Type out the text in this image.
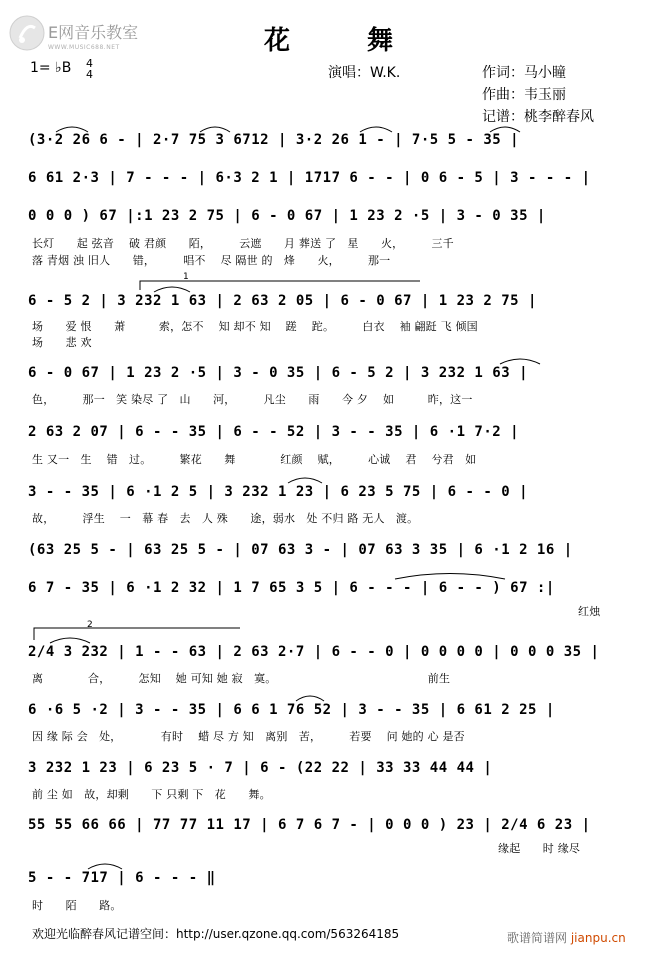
E网音乐教室
WWW.MUSIC688.NET	花 舞
1= ♭B 4
4	演唱：W.K.	作词：马小瞳
作曲：韦玉丽
记谱：桃李醉春风
(3·2 26 6 - | 2·7 75 3 6712 | 3·2 26 1 - | 7·5 5 - 35 |
6 61 2·3 | 7 - - - | 6·3 2 1 | 1717 6 - - | 0 6 - 5 | 3 - - - |
0 0 0 ) 67 |:1 23 2 75 | 6 - 0 67 | 1 23 2 ·5 | 3 - 0 35 |
长灯　　起 弦音　 破 君颜　　陌，　　　云遮　　月 葬送 了　星　　火，　　　三千
落 青烟 浊 旧人　　错，　　　唱不　 尽 隔世 的　烽　　火，　　　那一
6 - 5 2 | 3 232 1 63 | 2 63 2 05 | 6 - 0 67 | 1 23 2 75 |
场　　爱 恨　　萧　　　索，怎不　 知 却不 知　 蹉　 跎。　　　白衣　 袖 翩跹 飞 倾国
场　　悲 欢
6 - 0 67 | 1 23 2 ·5 | 3 - 0 35 | 6 - 5 2 | 3 232 1 63 |
色，　　　那一　笑 染尽 了　山　　河，　　　凡尘　　雨　　今 夕　 如　　　昨，这一
2 63 2 07 | 6 - - 35 | 6 - - 52 | 3 - - 35 | 6 ·1 7·2 |
生 又一　生　 错　过。　　　繁花　　舞　　　　红颜　 赋，　　　心诚　 君　 兮君　如
3 - - 35 | 6 ·1 2 5 | 3 232 1 23 | 6 23 5 75 | 6 - - 0 |
故，　　　浮生　 一　幕 春　去　人 殊　　途，弱水　处 不归 路 无人　渡。
(63 25 5 - | 63 25 5 - | 07 63 3 - | 07 63 3 35 | 6 ·1 2 16 |
6 7 - 35 | 6 ·1 2 32 | 1 7 65 3 5 | 6 - - - | 6 - - ) 67 :|
红烛
1
2
2/4 3 232 | 1 - - 63 | 2 63 2·7 | 6 - - 0 | 0 0 0 0 | 0 0 0 35 |
离　　　　合，　　　怎知　 她 可知 她 寂　寞。　　　　　　　　　　　　　　前生
6 ·6 5 ·2 | 3 - - 35 | 6 6 1 76 52 | 3 - - 35 | 6 61 2 25 |
因 缘 际 会　处，　　　　有时　 蜡 尽 方 知　离别　苦，　　　若要　 问 她的 心 是否
3 232 1 23 | 6 23 5 · 7 | 6 - (22 22 | 33 33 44 44 |
前 尘 如　故，却剩　　下 只剩 下　花　　舞。
55 55 66 66 | 77 77 11 17 | 6 7 6 7 - | 0 0 0 ) 23 | 2/4 6 23 |
缘起　　时 缘尽
5 - - 717 | 6 - - - ‖
时　　陌　　路。
欢迎光临醉春风记谱空间：http://user.qzone.qq.com/563264185	歌谱简谱网 jianpu.cn
